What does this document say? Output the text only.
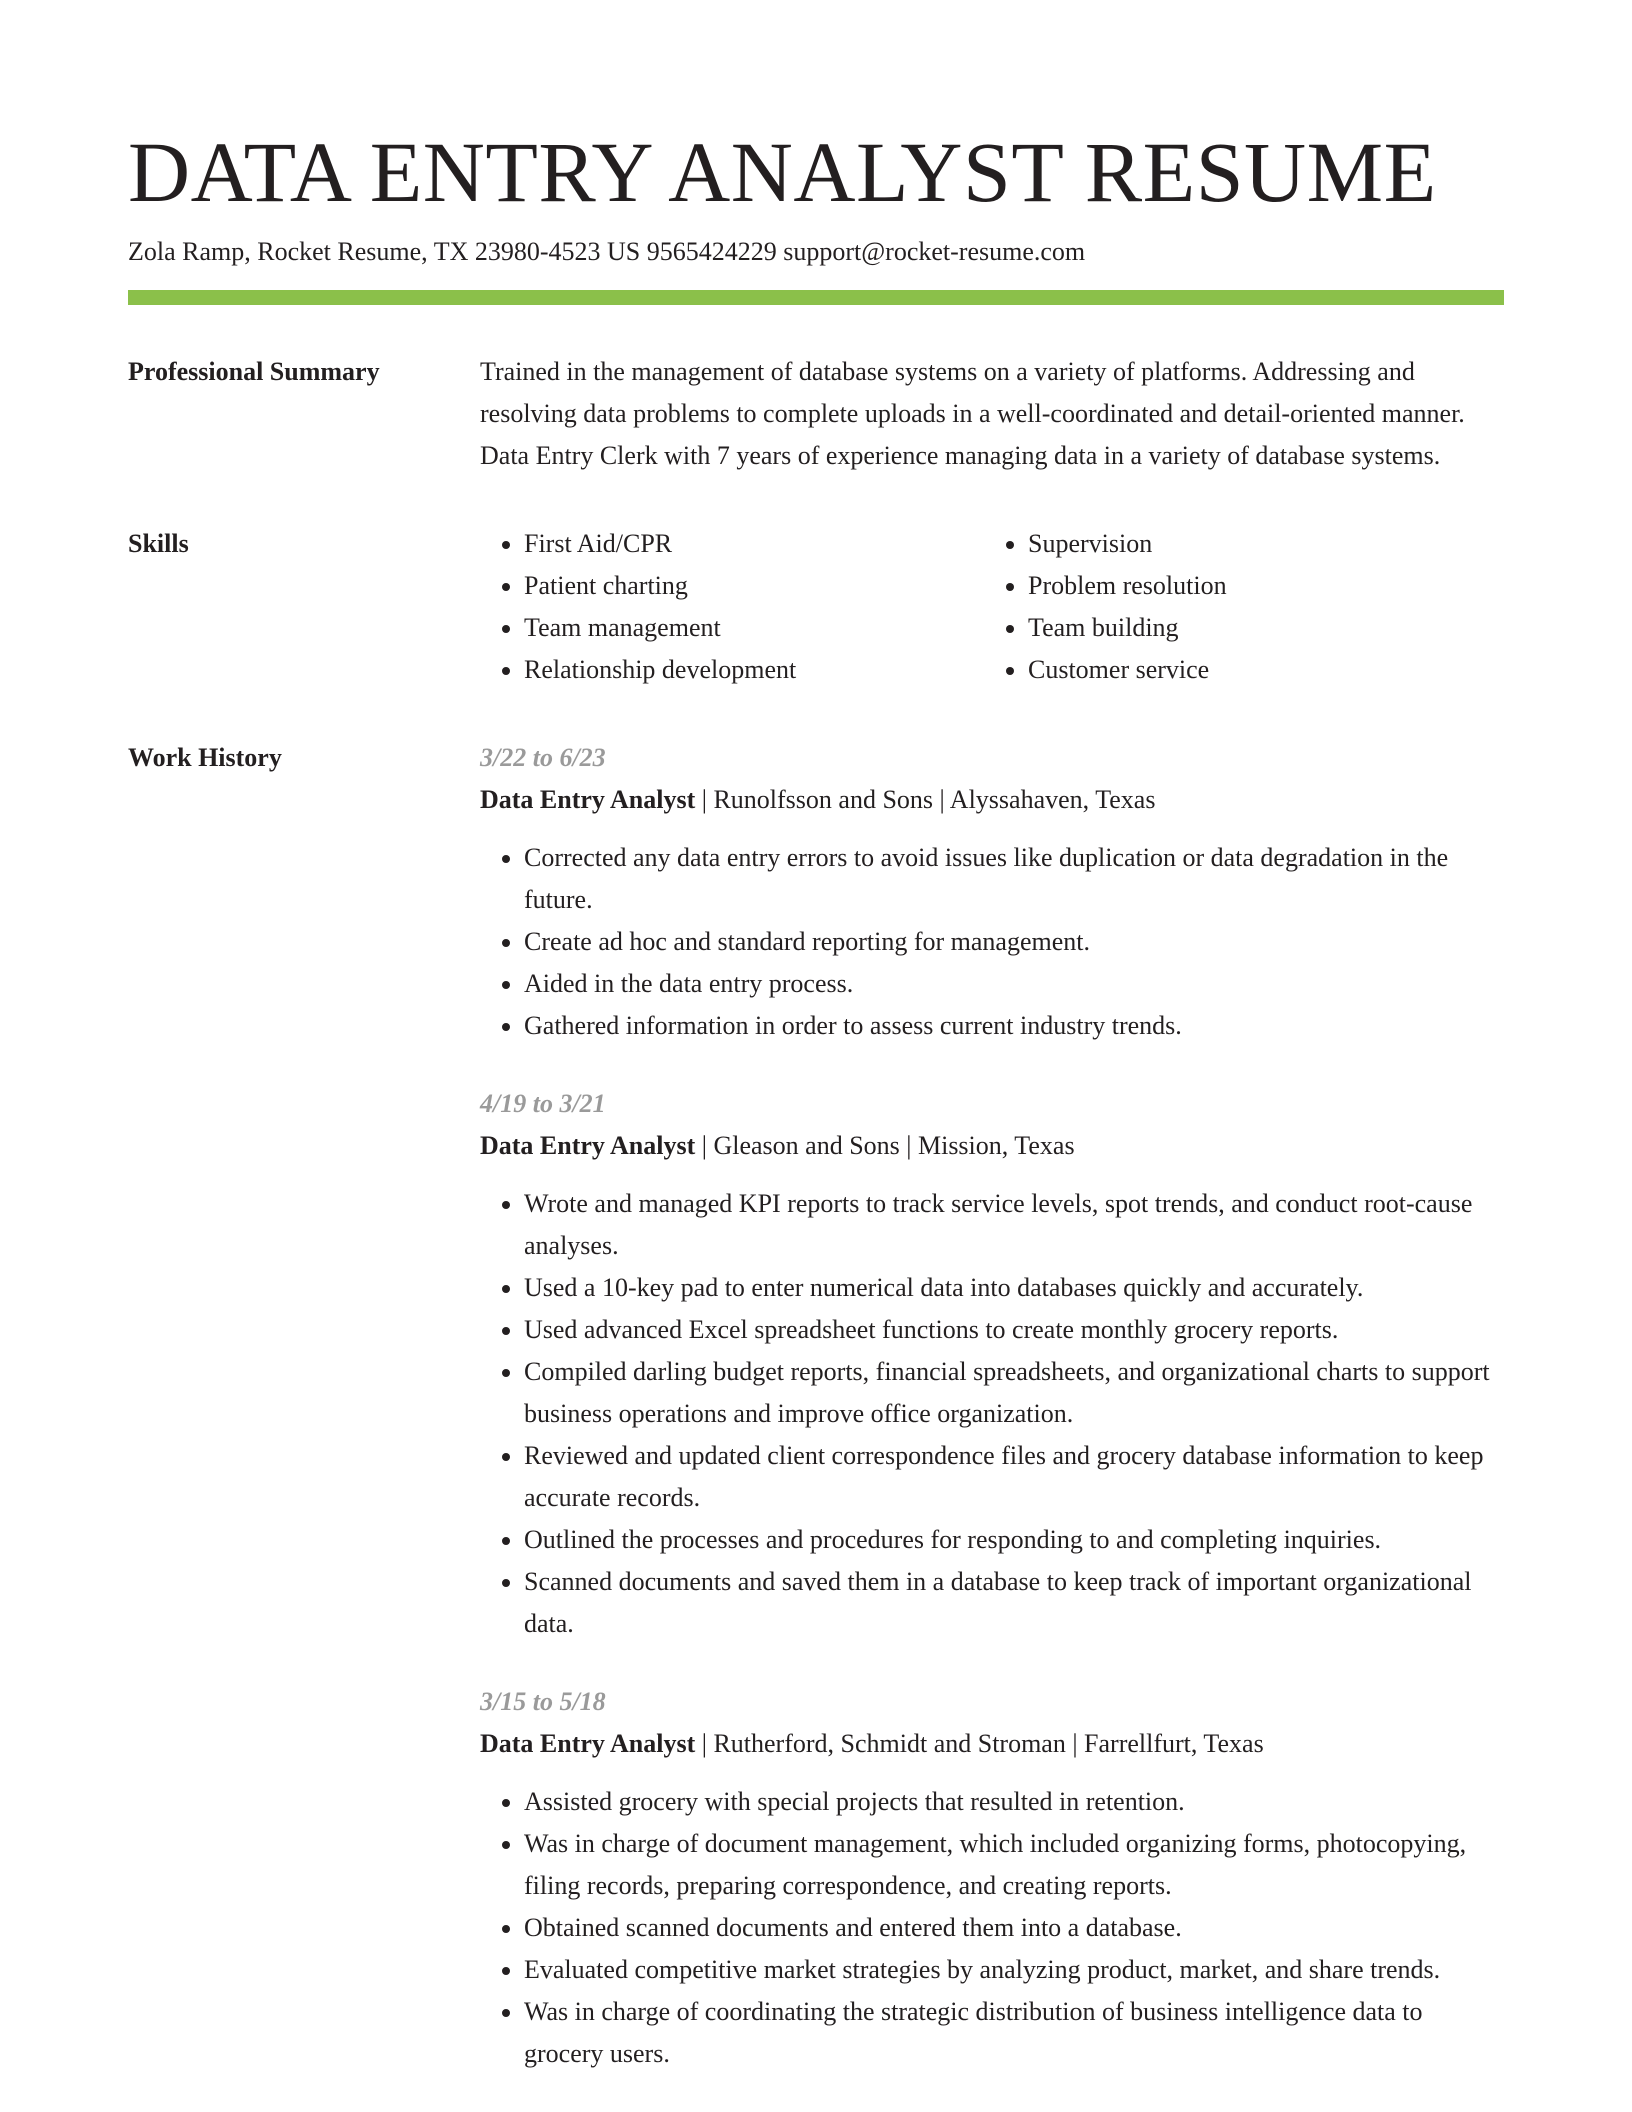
DATA ENTRY ANALYST RESUME
Zola Ramp, Rocket Resume, TX 23980-4523 US 9565424229 support@rocket-resume.com
Professional Summary	Trained in the management of database systems on a variety of platforms. Addressing and resolving data problems to complete uploads in a well-coordinated and detail-oriented manner. Data Entry Clerk with 7 years of experience managing data in a variety of database systems.

Skills
•	First Aid/CPR
• Patient charting
• Team management
• Relationship development
• Supervision
• Problem resolution
• Team building
• Customer service
Work History	3/22 to 6/23
Data Entry Analyst | Runolfsson and Sons | Alyssahaven, Texas
• Corrected any data entry errors to avoid issues like duplication or data degradation in the future.
• Create ad hoc and standard reporting for management.
• Aided in the data entry process.
• Gathered information in order to assess current industry trends.
4/19 to 3/21
Data Entry Analyst | Gleason and Sons | Mission, Texas
• Wrote and managed KPI reports to track service levels, spot trends, and conduct root-cause analyses.
• Used a 10-key pad to enter numerical data into databases quickly and accurately.
• Used advanced Excel spreadsheet functions to create monthly grocery reports.
• Compiled darling budget reports, financial spreadsheets, and organizational charts to support business operations and improve office organization.
• Reviewed and updated client correspondence files and grocery database information to keep accurate records.
• Outlined the processes and procedures for responding to and completing inquiries.
• Scanned documents and saved them in a database to keep track of important organizational data.
3/15 to 5/18
Data Entry Analyst | Rutherford, Schmidt and Stroman | Farrellfurt, Texas
• Assisted grocery with special projects that resulted in retention.
• Was in charge of document management, which included organizing forms, photocopying, filing records, preparing correspondence, and creating reports.
• Obtained scanned documents and entered them into a database.
• Evaluated competitive market strategies by analyzing product, market, and share trends.
• Was in charge of coordinating the strategic distribution of business intelligence data to grocery users.
